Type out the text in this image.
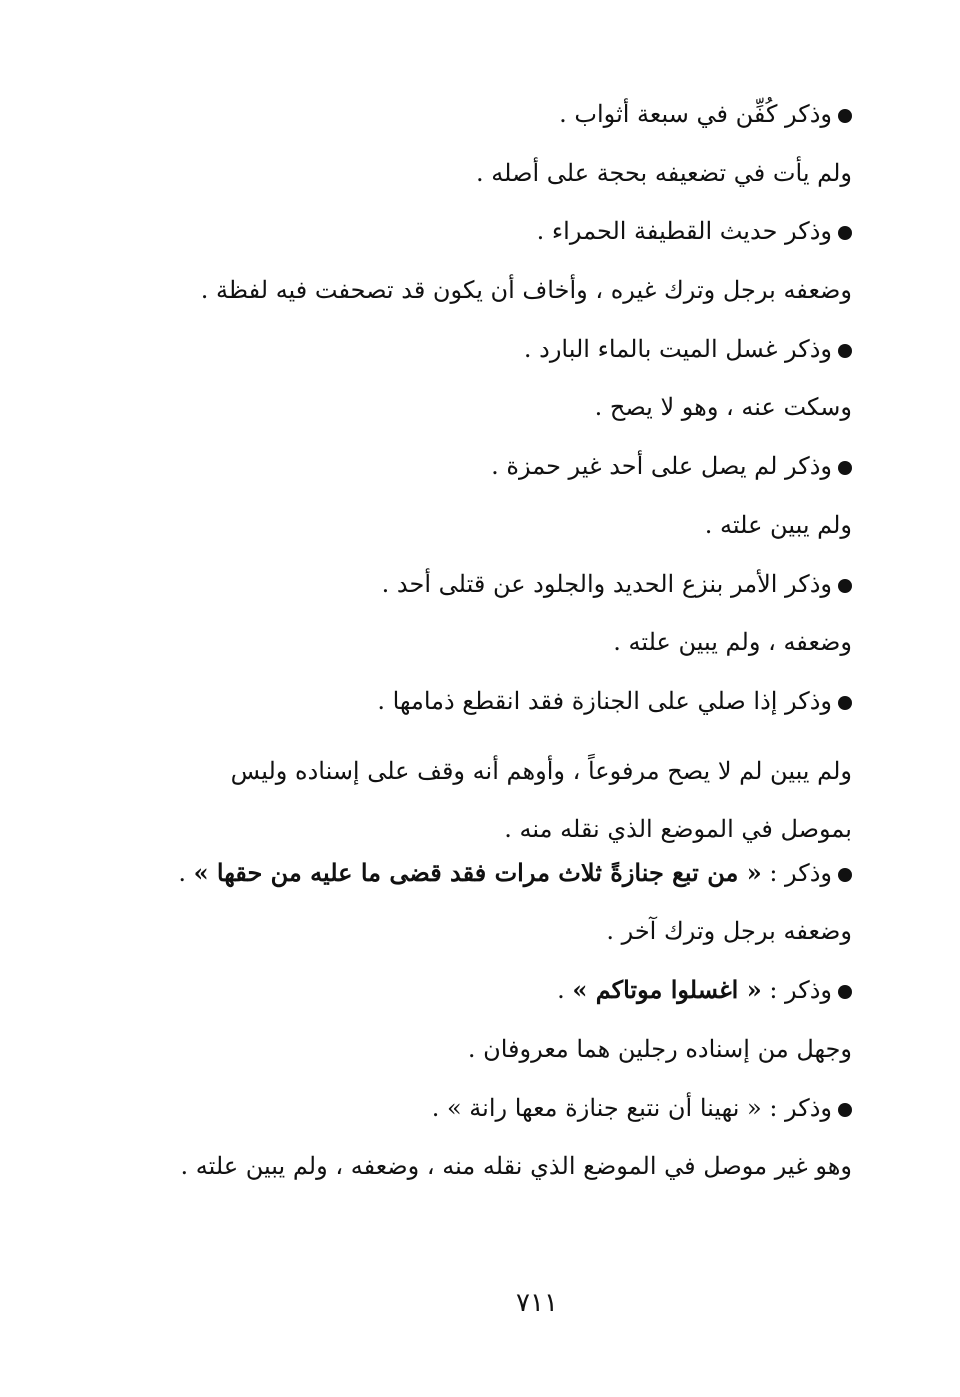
وذكر كُفِّن في سبعة أثواب .
ولم يأت في تضعيفه بحجة على أصله .
وذكر حديث القطيفة الحمراء .
وضعفه برجل وترك غيره ، وأخاف أن يكون قد تصحفت فيه لفظة .
وذكر غسل الميت بالماء البارد .
وسكت عنه ، وهو لا يصح .
وذكر لم يصل على أحد غير حمزة .
ولم يبين علته .
وذكر الأمر بنزع الحديد والجلود عن قتلى أحد .
وضعفه ، ولم يبين علته .
وذكر إذا صلي على الجنازة فقد انقطع ذمامها .
ولم يبين لم لا يصح مرفوعاً ، وأوهم أنه وقف على إسناده وليس بموصل في الموضع الذي نقله منه .
وذكر : « من تبع جنازةً ثلاث مرات فقد قضى ما عليه من حقها » .
وضعفه برجل وترك آخر .
وذكر : « اغسلوا موتاكم » .
وجهل من إسناده رجلين هما معروفان .
وذكر : « نهينا أن نتبع جنازة معها رانة » .
وهو غير موصل في الموضع الذي نقله منه ، وضعفه ، ولم يبين علته .
٧١١
